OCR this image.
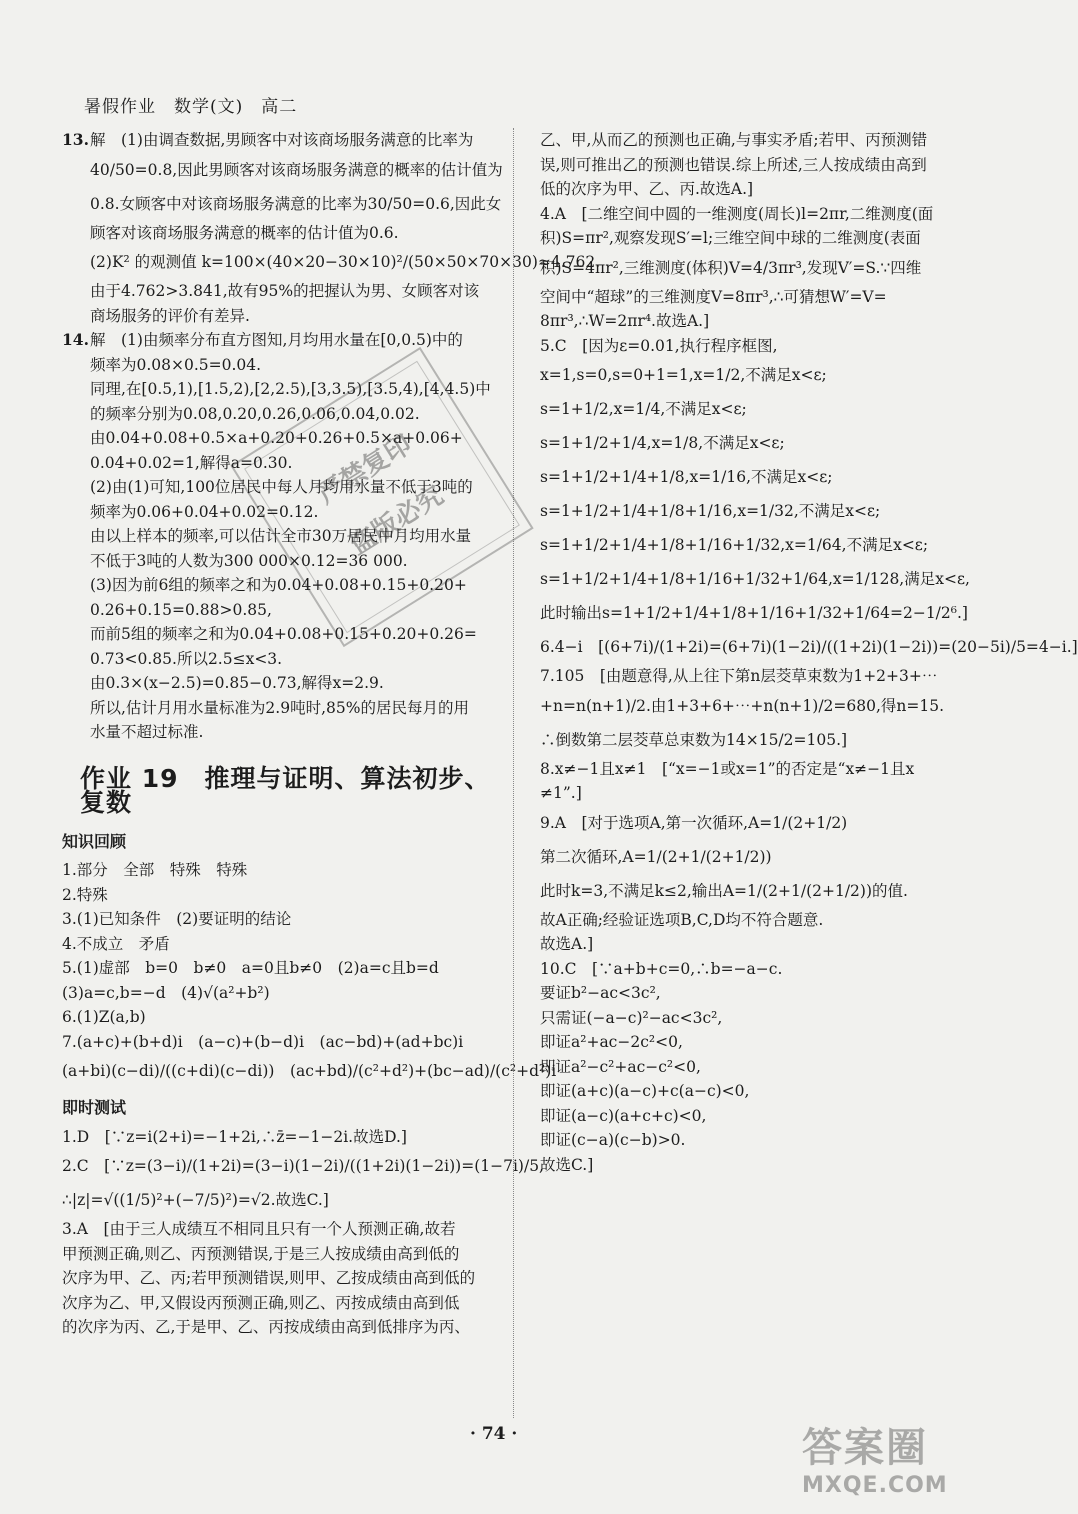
暑假作业　数学(文)　高二
13.解　(1)由调查数据,男顾客中对该商场服务满意的比率为
40/50=0.8,因此男顾客对该商场服务满意的概率的估计值为
0.8.女顾客中对该商场服务满意的比率为30/50=0.6,因此女
顾客对该商场服务满意的概率的估计值为0.6.
(2)K² 的观测值 k=100×(40×20−30×10)²/(50×50×70×30)≈4.762.
由于4.762>3.841,故有95%的把握认为男、女顾客对该
商场服务的评价有差异.
14.解　(1)由频率分布直方图知,月均用水量在[0,0.5)中的
频率为0.08×0.5=0.04.
同理,在[0.5,1),[1.5,2),[2,2.5),[3,3.5),[3.5,4),[4,4.5)中
的频率分别为0.08,0.20,0.26,0.06,0.04,0.02.
由0.04+0.08+0.5×a+0.20+0.26+0.5×a+0.06+
0.04+0.02=1,解得a=0.30.
(2)由(1)可知,100位居民中每人月均用水量不低于3吨的
频率为0.06+0.04+0.02=0.12.
由以上样本的频率,可以估计全市30万居民中月均用水量
不低于3吨的人数为300 000×0.12=36 000.
(3)因为前6组的频率之和为0.04+0.08+0.15+0.20+
0.26+0.15=0.88>0.85,
而前5组的频率之和为0.04+0.08+0.15+0.20+0.26=
0.73<0.85.所以2.5≤x<3.
由0.3×(x−2.5)=0.85−0.73,解得x=2.9.
所以,估计月用水量标准为2.9吨时,85%的居民每月的用
水量不超过标准.
作业 19　推理与证明、算法初步、复数
知识回顾
1.部分　全部　特殊　特殊
2.特殊
3.(1)已知条件　(2)要证明的结论
4.不成立　矛盾
5.(1)虚部　b=0　b≠0　a=0且b≠0　(2)a=c且b=d
(3)a=c,b=−d　(4)√(a²+b²)
6.(1)Z(a,b)
7.(a+c)+(b+d)i　(a−c)+(b−d)i　(ac−bd)+(ad+bc)i
(a+bi)(c−di)/((c+di)(c−di))　(ac+bd)/(c²+d²)+(bc−ad)/(c²+d²)i
即时测试
1.D　[∵z=i(2+i)=−1+2i,∴z̄=−1−2i.故选D.]
2.C　[∵z=(3−i)/(1+2i)=(3−i)(1−2i)/((1+2i)(1−2i))=(1−7i)/5,
∴|z|=√((1/5)²+(−7/5)²)=√2.故选C.]
3.A　[由于三人成绩互不相同且只有一个人预测正确,故若
甲预测正确,则乙、丙预测错误,于是三人按成绩由高到低的
次序为甲、乙、丙;若甲预测错误,则甲、乙按成绩由高到低的
次序为乙、甲,又假设丙预测正确,则乙、丙按成绩由高到低
的次序为丙、乙,于是甲、乙、丙按成绩由高到低排序为丙、
乙、甲,从而乙的预测也正确,与事实矛盾;若甲、丙预测错
误,则可推出乙的预测也错误.综上所述,三人按成绩由高到
低的次序为甲、乙、丙.故选A.]
4.A　[二维空间中圆的一维测度(周长)l=2πr,二维测度(面
积)S=πr²,观察发现S′=l;三维空间中球的二维测度(表面
积)S=4πr²,三维测度(体积)V=4/3πr³,发现V′=S.∵四维
空间中“超球”的三维测度V=8πr³,∴可猜想W′=V=
8πr³,∴W=2πr⁴.故选A.]
5.C　[因为ε=0.01,执行程序框图,
x=1,s=0,s=0+1=1,x=1/2,不满足x<ε;
s=1+1/2,x=1/4,不满足x<ε;
s=1+1/2+1/4,x=1/8,不满足x<ε;
s=1+1/2+1/4+1/8,x=1/16,不满足x<ε;
s=1+1/2+1/4+1/8+1/16,x=1/32,不满足x<ε;
s=1+1/2+1/4+1/8+1/16+1/32,x=1/64,不满足x<ε;
s=1+1/2+1/4+1/8+1/16+1/32+1/64,x=1/128,满足x<ε,
此时输出s=1+1/2+1/4+1/8+1/16+1/32+1/64=2−1/2⁶.]
6.4−i　[(6+7i)/(1+2i)=(6+7i)(1−2i)/((1+2i)(1−2i))=(20−5i)/5=4−i.]
7.105　[由题意得,从上往下第n层茭草束数为1+2+3+⋯
+n=n(n+1)/2.由1+3+6+⋯+n(n+1)/2=680,得n=15.
∴倒数第二层茭草总束数为14×15/2=105.]
8.x≠−1且x≠1　[“x=−1或x=1”的否定是“x≠−1且x
≠1”.]
9.A　[对于选项A,第一次循环,A=1/(2+1/2)
第二次循环,A=1/(2+1/(2+1/2))
此时k=3,不满足k≤2,输出A=1/(2+1/(2+1/2))的值.
故A正确;经验证选项B,C,D均不符合题意.
故选A.]
10.C　[∵a+b+c=0,∴b=−a−c.
要证b²−ac<3c²,
只需证(−a−c)²−ac<3c²,
即证a²+ac−2c²<0,
即证a²−c²+ac−c²<0,
即证(a+c)(a−c)+c(a−c)<0,
即证(a−c)(a+c+c)<0,
即证(c−a)(c−b)>0.
故选C.]
严禁复印
盗版必究
· 74 ·	答案圈
MXQE.COM
